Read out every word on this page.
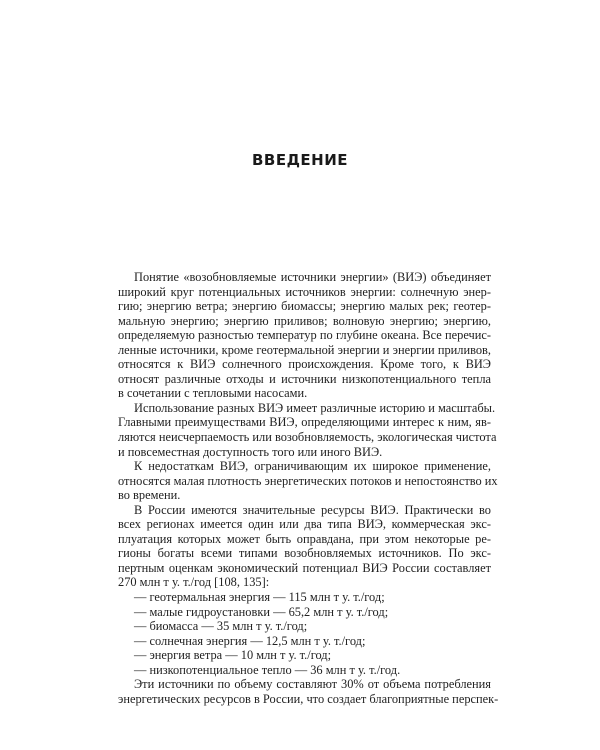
ВВЕДЕНИЕ
Понятие «возобновляемые источники энергии» (ВИЭ) объединяет
широкий круг потенциальных источников энергии: солнечную энер-
гию; энергию ветра; энергию биомассы; энергию малых рек; геотер-
мальную энергию; энергию приливов; волновую энергию; энергию,
определяемую разностью температур по глубине океана. Все перечис-
ленные источники, кроме геотермальной энергии и энергии приливов,
относятся к ВИЭ солнечного происхождения. Кроме того, к ВИЭ
относят различные отходы и источники низкопотенциального тепла
в сочетании с тепловыми насосами.
Использование разных ВИЭ имеет различные историю и масштабы.
Главными преимуществами ВИЭ, определяющими интерес к ним, яв-
ляются неисчерпаемость или возобновляемость, экологическая чистота
и повсеместная доступность того или иного ВИЭ.
К недостаткам ВИЭ, ограничивающим их широкое применение,
относятся малая плотность энергетических потоков и непостоянство их
во времени.
В России имеются значительные ресурсы ВИЭ. Практически во
всех регионах имеется один или два типа ВИЭ, коммерческая экс-
плуатация которых может быть оправдана, при этом некоторые ре-
гионы богаты всеми типами возобновляемых источников. По экс-
пертным оценкам экономический потенциал ВИЭ России составляет
270 млн т у. т./год [108, 135]:
— геотермальная энергия — 115 млн т у. т./год;
— малые гидроустановки — 65,2 млн т у. т./год;
— биомасса — 35 млн т у. т./год;
— солнечная энергия — 12,5 млн т у. т./год;
— энергия ветра — 10 млн т у. т./год;
— низкопотенциальное тепло — 36 млн т у. т./год.
Эти источники по объему составляют 30% от объема потребления
энергетических ресурсов в России, что создает благоприятные перспек-
